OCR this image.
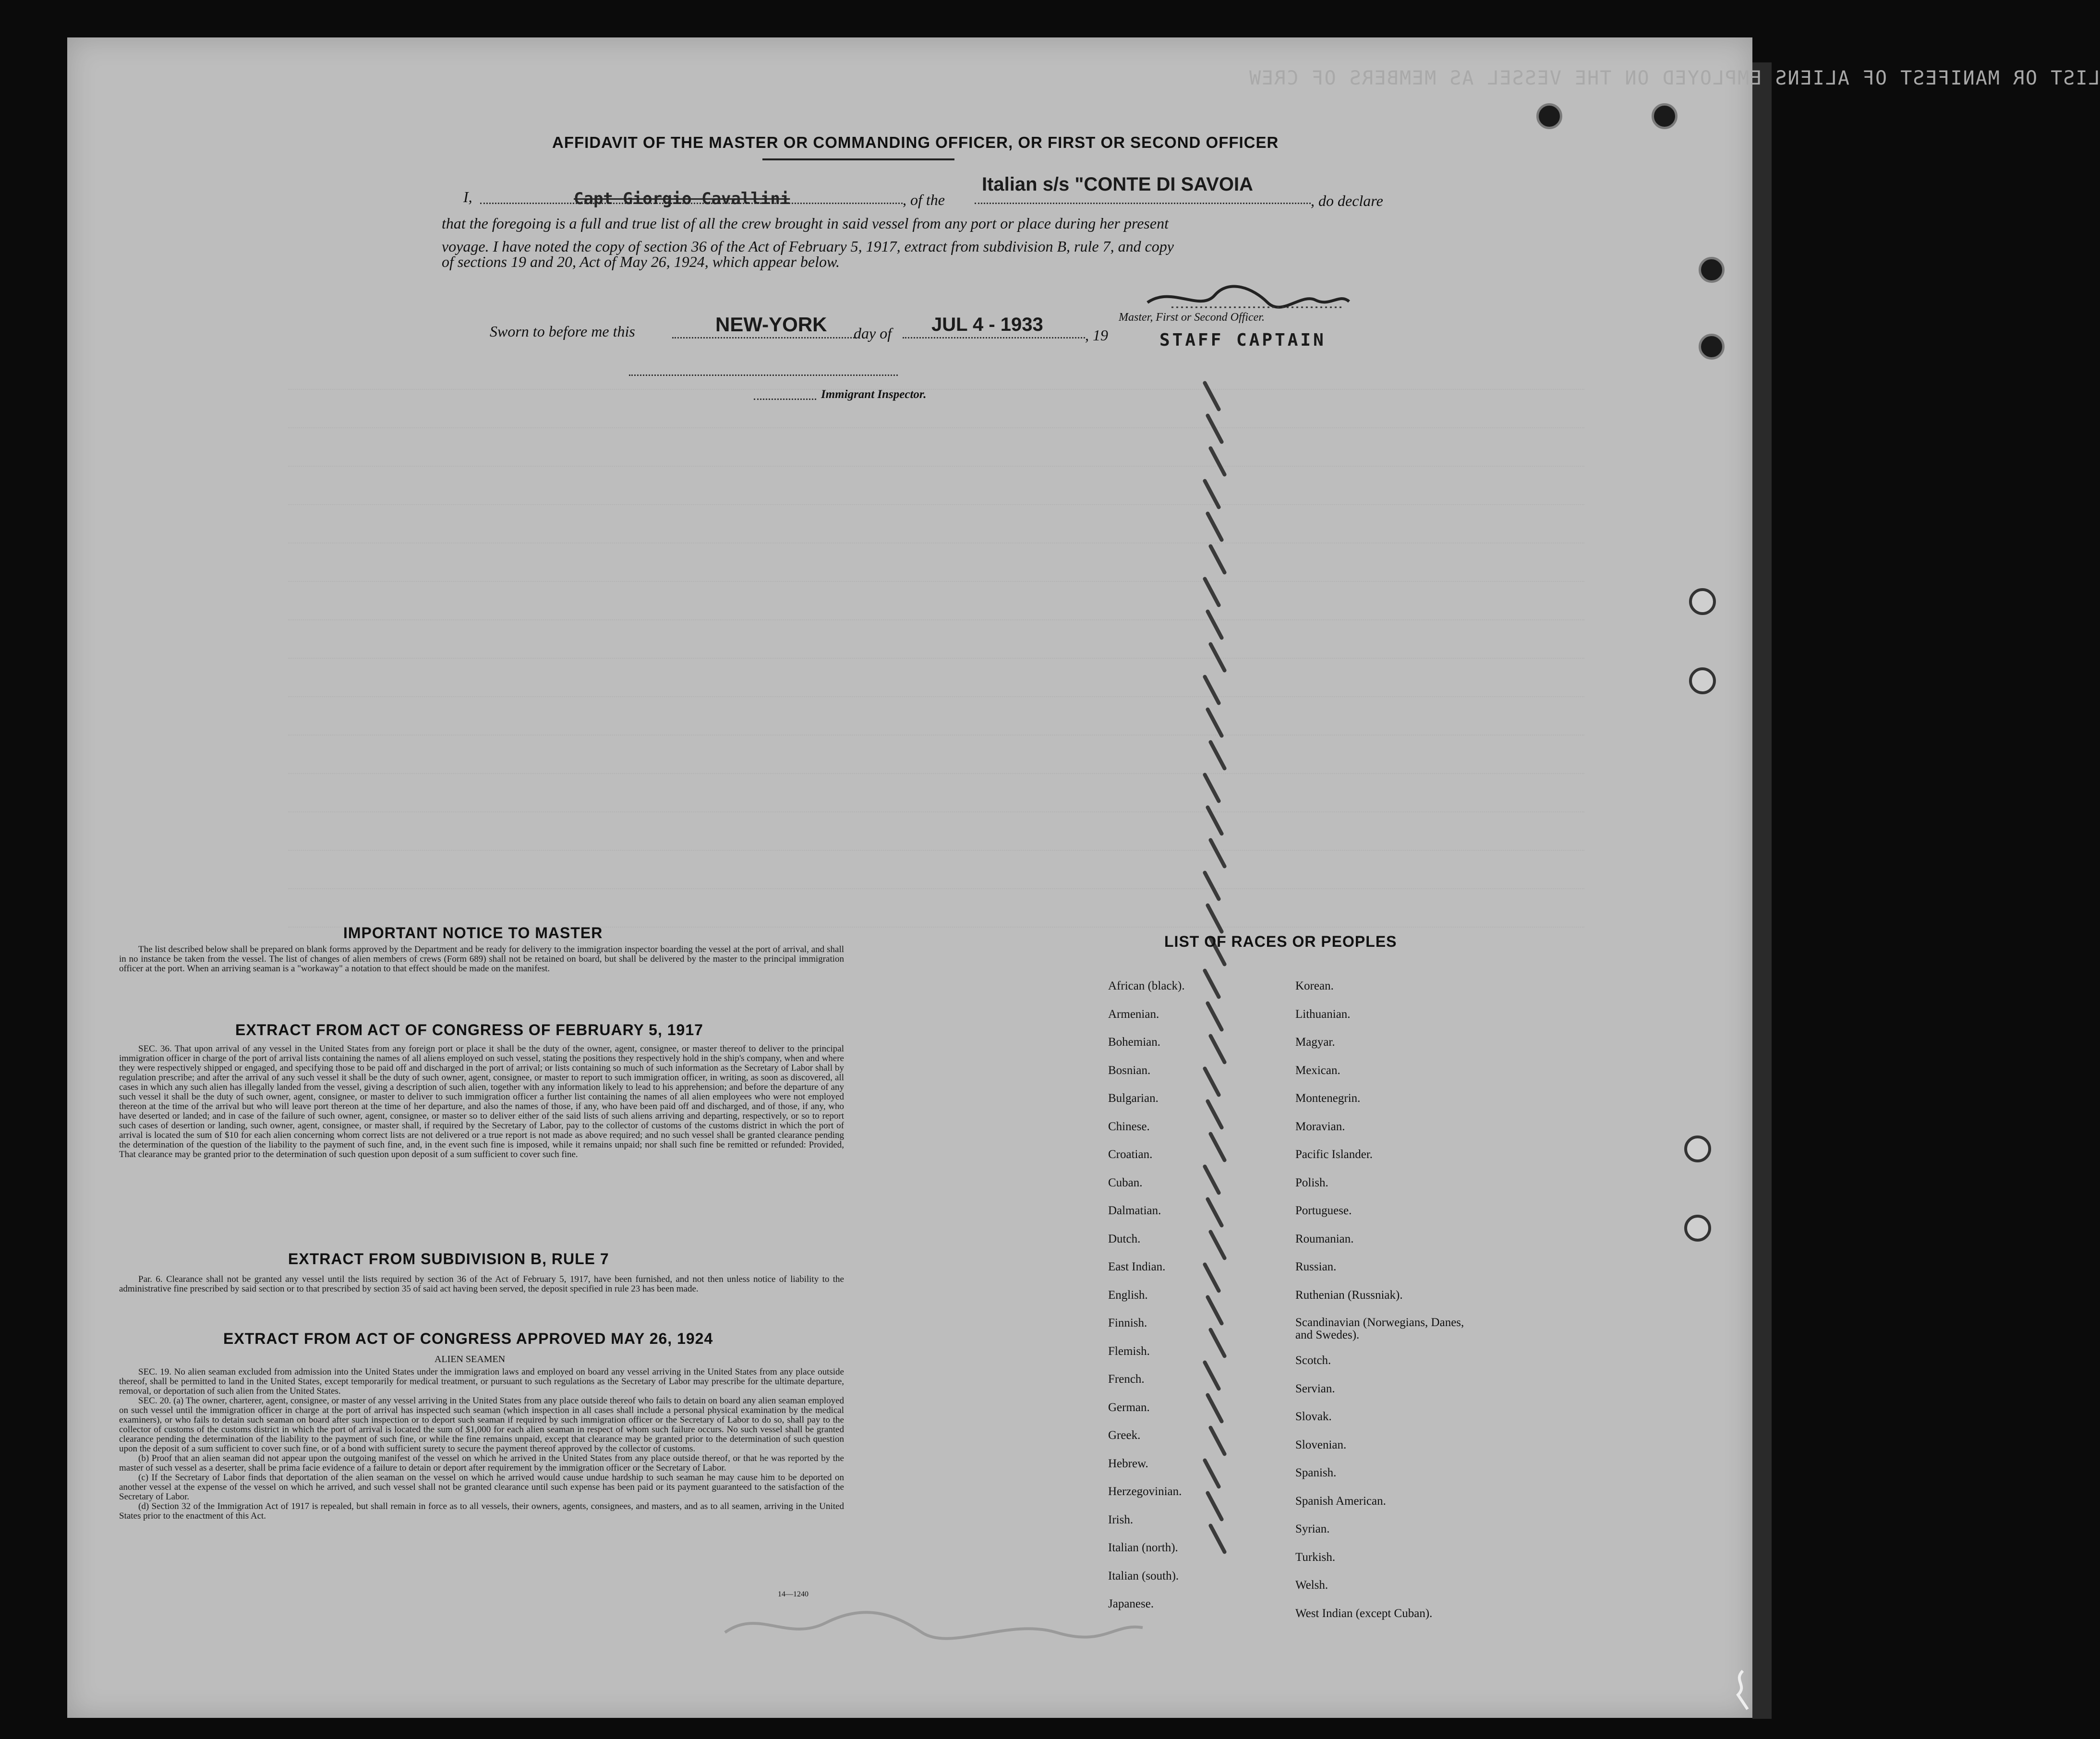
LIST OR MANIFEST OF ALIENS EMPLOYED ON THE VESSEL AS MEMBERS OF CREW
AFFIDAVIT OF THE MASTER OR COMMANDING OFFICER, OR FIRST OR SECOND OFFICER
I,	Capt Giorgio Cavallini	, of the
Italian s/s "CONTE DI SAVOIA
, do declare
that the foregoing is a full and true list of all the crew brought in said vessel from any port or place during her present
voyage. I have noted the copy of section 36 of the Act of February 5, 1917, extract from subdivision B, rule 7, and copy
of sections 19 and 20, Act of May 26, 1924, which appear below.
Master, First or Second Officer.
Sworn to before me this	NEW-YORK day of JUL 4 - 1933	, 19	STAFF CAPTAIN
Immigrant Inspector.
IMPORTANT NOTICE TO MASTER

The list described below shall be prepared on blank forms approved by the Department and be ready for delivery to the immigration inspector boarding the vessel at the port of arrival, and shall in no instance be taken from the vessel. The list of changes of alien members of crews (Form 689) shall not be retained on board, but shall be delivered by the master to the principal immigration officer at the port. When an arriving seaman is a "workaway" a notation to that effect should be made on the manifest.

EXTRACT FROM ACT OF CONGRESS OF FEBRUARY 5, 1917

SEC. 36. That upon arrival of any vessel in the United States from any foreign port or place it shall be the duty of the owner, agent, consignee, or master thereof to deliver to the principal immigration officer in charge of the port of arrival lists containing the names of all aliens employed on such vessel, stating the positions they respectively hold in the ship's company, when and where they were respectively shipped or engaged, and specifying those to be paid off and discharged in the port of arrival; or lists containing so much of such information as the Secretary of Labor shall by regulation prescribe; and after the arrival of any such vessel it shall be the duty of such owner, agent, consignee, or master to report to such immigration officer, in writing, as soon as discovered, all cases in which any such alien has illegally landed from the vessel, giving a description of such alien, together with any information likely to lead to his apprehension; and before the departure of any such vessel it shall be the duty of such owner, agent, consignee, or master to deliver to such immigration officer a further list containing the names of all alien employees who were not employed thereon at the time of the arrival but who will leave port thereon at the time of her departure, and also the names of those, if any, who have been paid off and discharged, and of those, if any, who have deserted or landed; and in case of the failure of such owner, agent, consignee, or master so to deliver either of the said lists of such aliens arriving and departing, respectively, or so to report such cases of desertion or landing, such owner, agent, consignee, or master shall, if required by the Secretary of Labor, pay to the collector of customs of the customs district in which the port of arrival is located the sum of $10 for each alien concerning whom correct lists are not delivered or a true report is not made as above required; and no such vessel shall be granted clearance pending the determination of the question of the liability to the payment of such fine, and, in the event such fine is imposed, while it remains unpaid; nor shall such fine be remitted or refunded: Provided, That clearance may be granted prior to the determination of such question upon deposit of a sum sufficient to cover such fine.

EXTRACT FROM SUBDIVISION B, RULE 7

Par. 6. Clearance shall not be granted any vessel until the lists required by section 36 of the Act of February 5, 1917, have been furnished, and not then unless notice of liability to the administrative fine prescribed by said section or to that prescribed by section 35 of said act having been served, the deposit specified in rule 23 has been made.

EXTRACT FROM ACT OF CONGRESS APPROVED MAY 26, 1924
ALIEN SEAMEN

SEC. 19. No alien seaman excluded from admission into the United States under the immigration laws and employed on board any vessel arriving in the United States from any place outside thereof, shall be permitted to land in the United States, except temporarily for medical treatment, or pursuant to such regulations as the Secretary of Labor may prescribe for the ultimate departure, removal, or deportation of such alien from the United States.

SEC. 20. (a) The owner, charterer, agent, consignee, or master of any vessel arriving in the United States from any place outside thereof who fails to detain on board any alien seaman employed on such vessel until the immigration officer in charge at the port of arrival has inspected such seaman (which inspection in all cases shall include a personal physical examination by the medical examiners), or who fails to detain such seaman on board after such inspection or to deport such seaman if required by such immigration officer or the Secretary of Labor to do so, shall pay to the collector of customs of the customs district in which the port of arrival is located the sum of $1,000 for each alien seaman in respect of whom such failure occurs. No such vessel shall be granted clearance pending the determination of the liability to the payment of such fine, or while the fine remains unpaid, except that clearance may be granted prior to the determination of such question upon the deposit of a sum sufficient to cover such fine, or of a bond with sufficient surety to secure the payment thereof approved by the collector of customs.

(b) Proof that an alien seaman did not appear upon the outgoing manifest of the vessel on which he arrived in the United States from any place outside thereof, or that he was reported by the master of such vessel as a deserter, shall be prima facie evidence of a failure to detain or deport after requirement by the immigration officer or the Secretary of Labor.

(c) If the Secretary of Labor finds that deportation of the alien seaman on the vessel on which he arrived would cause undue hardship to such seaman he may cause him to be deported on another vessel at the expense of the vessel on which he arrived, and such vessel shall not be granted clearance until such expense has been paid or its payment guaranteed to the satisfaction of the Secretary of Labor.

(d) Section 32 of the Immigration Act of 1917 is repealed, but shall remain in force as to all vessels, their owners, agents, consignees, and masters, and as to all seamen, arriving in the United States prior to the enactment of this Act.

14—1240
LIST OF RACES OR PEOPLES
African (black).
Armenian.
Bohemian.
Bosnian.
Bulgarian.
Chinese.
Croatian.
Cuban.
Dalmatian.
Dutch.
East Indian.
English.
Finnish.
Flemish.
French.
German.
Greek.
Hebrew.
Herzegovinian.
Irish.
Italian (north).
Italian (south).
Japanese.
Korean.
Lithuanian.
Magyar.
Mexican.
Montenegrin.
Moravian.
Pacific Islander.
Polish.
Portuguese.
Roumanian.
Russian.
Ruthenian (Russniak).
Scandinavian (Norwegians, Danes, and Swedes).
Scotch.
Servian.
Slovak.
Slovenian.
Spanish.
Spanish American.
Syrian.
Turkish.
Welsh.
West Indian (except Cuban).
